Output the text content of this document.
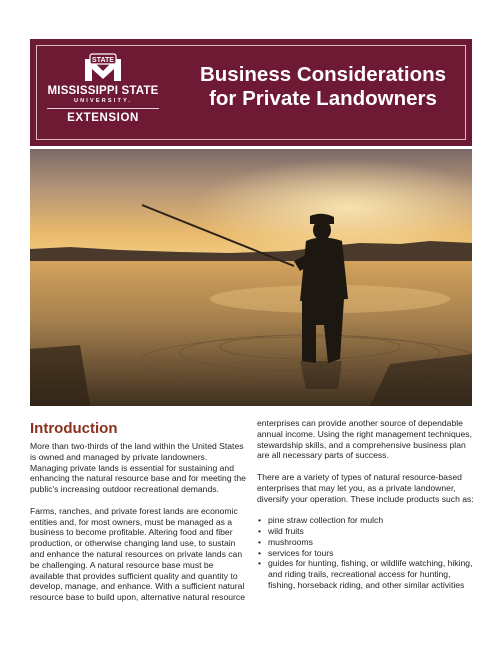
STATE
MISSISSIPPI STATE
UNIVERSITY.
EXTENSION
Business Considerations
for Private Landowners
Introduction

More than two-thirds of the land within the United States is owned and managed by private landowners. Managing private lands is essential for sustaining and enhancing the natural resource base and for meeting the public's increasing outdoor recreational demands.

Farms, ranches, and private forest lands are economic entities and, for most owners, must be managed as a business to become profitable. Altering food and fiber production, or otherwise changing land use, to sustain and enhance the natural resources on private lands can be challenging. A natural resource base must be available that provides sufficient quality and quantity to develop, manage, and enhance. With a sufficient natural resource base to build upon, alternative natural resource

enterprises can provide another source of dependable annual income. Using the right management techniques, stewardship skills, and a comprehensive business plan are all necessary parts of success.

There are a variety of types of natural resource-based enterprises that may let you, as a private landowner, diversify your operation. These include products such as:

• pine straw collection for mulch
• wild fruits
• mushrooms
• services for tours
• guides for hunting, fishing, or wildlife watching, hiking, and riding trails, recreational access for hunting, fishing, horseback riding, and other similar activities
